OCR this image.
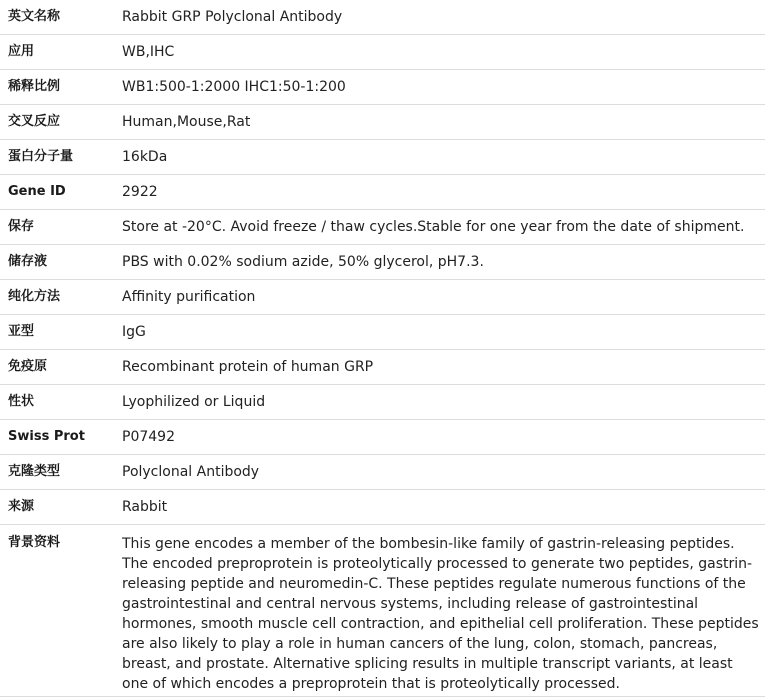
英文名称	Rabbit GRP Polyclonal Antibody
应用	WB,IHC
稀释比例	WB1:500-1:2000 IHC1:50-1:200
交叉反应	Human,Mouse,Rat
蛋白分子量	16kDa
Gene ID	2922
保存	Store at -20°C. Avoid freeze / thaw cycles.Stable for one year from the date of shipment.
储存液	PBS with 0.02% sodium azide, 50% glycerol, pH7.3.
纯化方法	Affinity purification
亚型	IgG
免疫原	Recombinant protein of human GRP
性状	Lyophilized or Liquid
Swiss Prot	P07492
克隆类型	Polyclonal Antibody
来源	Rabbit
背景资料	This gene encodes a member of the bombesin-like family of gastrin-releasing peptides. The encoded preproprotein is proteolytically processed to generate two peptides, gastrin-releasing peptide and neuromedin-C. These peptides regulate numerous functions of the gastrointestinal and central nervous systems, including release of gastrointestinal hormones, smooth muscle cell contraction, and epithelial cell proliferation. These peptides are also likely to play a role in human cancers of the lung, colon, stomach, pancreas, breast, and prostate. Alternative splicing results in multiple transcript variants, at least one of which encodes a preproprotein that is proteolytically processed.
